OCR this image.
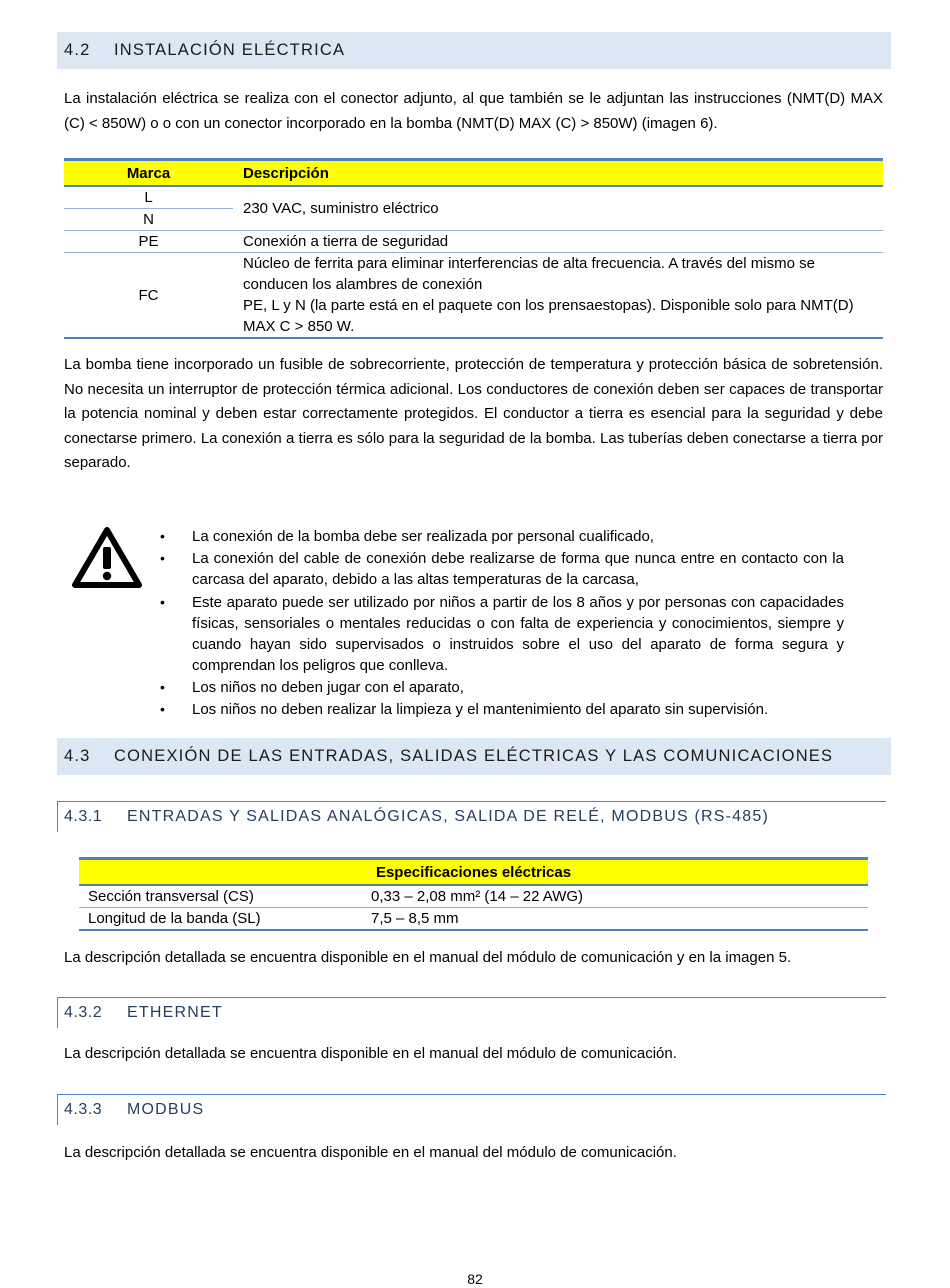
4.2	INSTALACIÓN ELÉCTRICA

La instalación eléctrica se realiza con el conector adjunto, al que también se le adjuntan las instrucciones (NMT(D) MAX (C) < 850W) o o con un conector incorporado en la bomba (NMT(D) MAX (C) > 850W) (imagen 6).

Marca	Descripción
L	230 VAC, suministro eléctrico
N	
PE	Conexión a tierra de seguridad
FC	Núcleo de ferrita para eliminar interferencias de alta frecuencia. A través del mismo se conducen los alambres de conexión
PE, L y N (la parte está en el paquete con los prensaestopas). Disponible solo para NMT(D) MAX C > 850 W.

La bomba tiene incorporado un fusible de sobrecorriente, protección de temperatura y protección básica de sobretensión. No necesita un interruptor de protección térmica adicional. Los conductores de conexión deben ser capaces de transportar la potencia nominal y deben estar correctamente protegidos. El conductor a tierra es esencial para la seguridad y debe conectarse primero. La conexión a tierra es sólo para la seguridad de la bomba. Las tuberías deben conectarse a tierra por separado.

• La conexión de la bomba debe ser realizada por personal cualificado,
• La conexión del cable de conexión debe realizarse de forma que nunca entre en contacto con la carcasa del aparato, debido a las altas temperaturas de la carcasa,
• Este aparato puede ser utilizado por niños a partir de los 8 años y por personas con capacidades físicas, sensoriales o mentales reducidas o con falta de experiencia y conocimientos, siempre y cuando hayan sido supervisados o instruidos sobre el uso del aparato de forma segura y comprendan los peligros que conlleva.
• Los niños no deben jugar con el aparato,
• Los niños no deben realizar la limpieza y el mantenimiento del aparato sin supervisión.
4.3	CONEXIÓN DE LAS ENTRADAS, SALIDAS ELÉCTRICAS Y LAS COMUNICACIONES
4.3.1	ENTRADAS Y SALIDAS ANALÓGICAS, SALIDA DE RELÉ, MODBUS (RS-485)
Especificaciones eléctricas	
Sección transversal (CS)	0,33 – 2,08 mm² (14 – 22 AWG)
Longitud de la banda (SL)	7,5 – 8,5 mm

La descripción detallada se encuentra disponible en el manual del módulo de comunicación y en la imagen 5.

4.3.2	ETHERNET

La descripción detallada se encuentra disponible en el manual del módulo de comunicación.

4.3.3	MODBUS

La descripción detallada se encuentra disponible en el manual del módulo de comunicación.

82
